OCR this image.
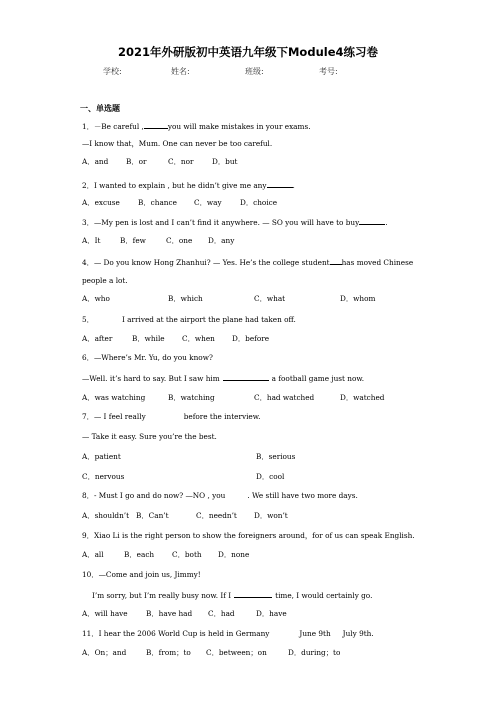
2021年外研版初中英语九年级下Module4练习卷
学校:	姓名:	班级:	考号:
一、单选题
1．－Be careful ,	you will make mistakes in your exams.
—I know that，Mum. One can never be too careful.
A．and B．or	C．nor	D．but
2．I wanted to explain , but he didn’t give me any	.
A．excuse B．chance C．way	D．choice
3．—My pen is lost and I can’t find it anywhere. — SO you will have to buy	.
A．It	B．few	C．one D．any
4．— Do you know Hong Zhanhui? — Yes. He’s the college student has moved Chinese
people a lot.
A．who	B．which	C．what	D．whom
5．	I arrived at the airport the plane had taken off.
A．after	B．while C．when D．before
6．—Where’s Mr. Yu, do you know?
—Well. it’s hard to say. But I saw him	a football game just now.
A．was watching	B．watching	C．had watched	D．watched
7．— I feel really	before the interview.
— Take it easy. Sure you’re the best.
A．patient	B．serious
C．nervous	D．cool
8．- Must I go and do now? —NO , you	. We still have two more days.
A．shouldn’t B．Can’t	C．needn’t D．won’t
9．Xiao Li is the right person to show the foreigners around，for of us can speak English.
A．all	B．each C．both D．none
10．—Come and join us, Jimmy!
I’m sorry, but I’m really busy now. If I	time, I would certainly go.
A．will have	B．have had C．had	D．have
11．I hear the 2006 World Cup is held in Germany	June 9th July 9th.
A．On；and	B．from；to C．between；on	D．during；to
